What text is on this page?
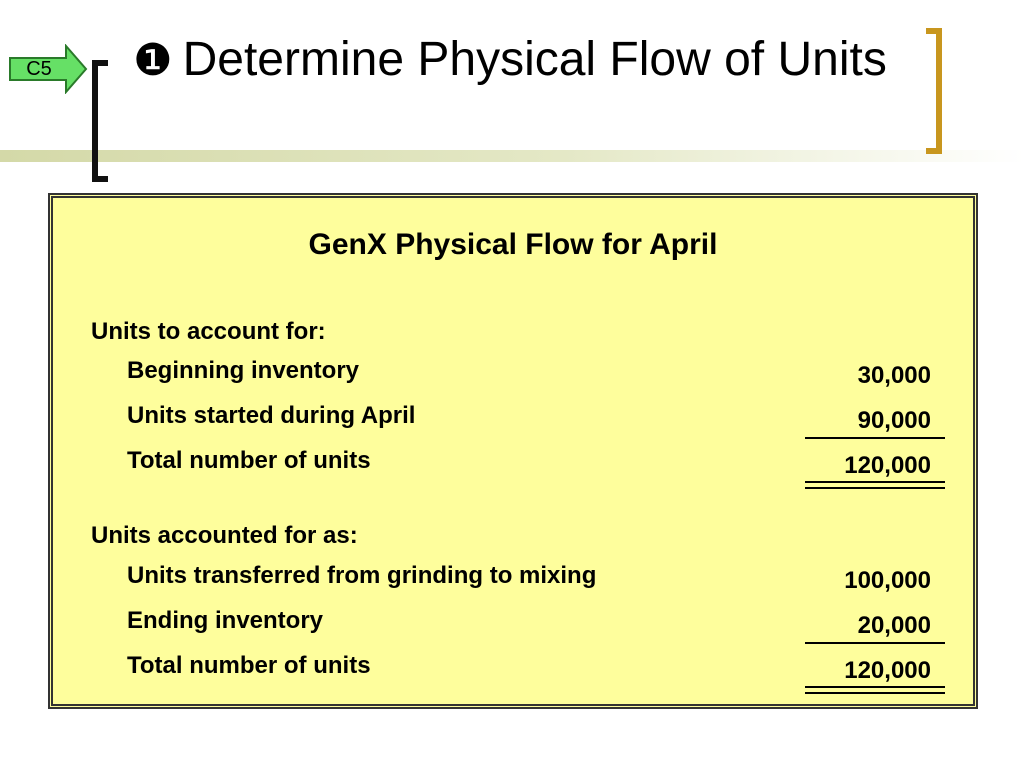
C5	❶ Determine Physical Flow of Units
GenX Physical Flow for April
Units to account for:
Beginning inventory	30,000
Units started during April	90,000
Total number of units	120,000
Units accounted for as:
Units transferred from grinding to mixing	100,000
Ending inventory	20,000
Total number of units	120,000
